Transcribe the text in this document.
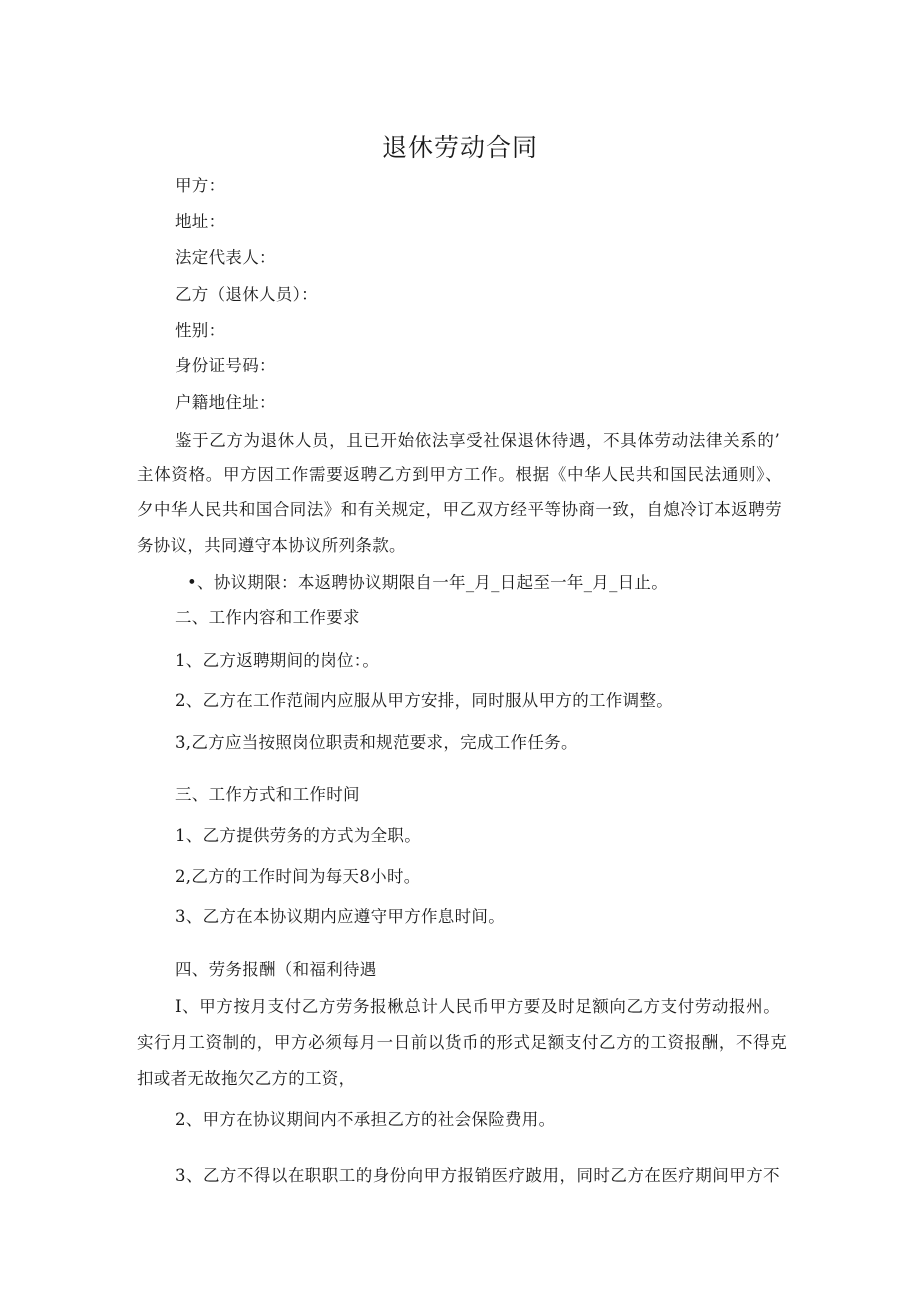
退休劳动合同
甲方：
地址：
法定代表人：
乙方（退休人员）：
性别：
身份证号码：
户籍地住址：
鉴于乙方为退休人员，且已开始依法享受社保退休待遇，不具体劳动法律关系的’
主体资格。甲方因工作需要返聘乙方到甲方工作。根据《中华人民共和国民法通则》、
夕中华人民共和国合同法》和有关规定，甲乙双方经平等协商一致，自熄冷订本返聘劳
务协议，共同遵守本协议所列条款。
•、协议期限：本返聘协议期限自一年_月_日起至一年_月_日止。
二、工作内容和工作要求
1、乙方返聘期间的岗位：。
2、乙方在工作范闹内应服从甲方安排，同时服从甲方的工作调整。
3,乙方应当按照岗位职责和规范要求，完成工作任务。
三、工作方式和工作时间
1、乙方提供劳务的方式为全职。
2,乙方的工作时间为每天8小时。
3、乙方在本协议期内应遵守甲方作息时间。
四、劳务报酬（和福利待遇
I、甲方按月支付乙方劳务报楸总计人民币甲方要及时足额向乙方支付劳动报州。
实行月工资制的，甲方必须每月一日前以货币的形式足额支付乙方的工资报酬，不得克
扣或者无故拖欠乙方的工资，
2、甲方在协议期间内不承担乙方的社会保险费用。
3、乙方不得以在职职工的身份向甲方报销医疗跛用，同时乙方在医疗期间甲方不
